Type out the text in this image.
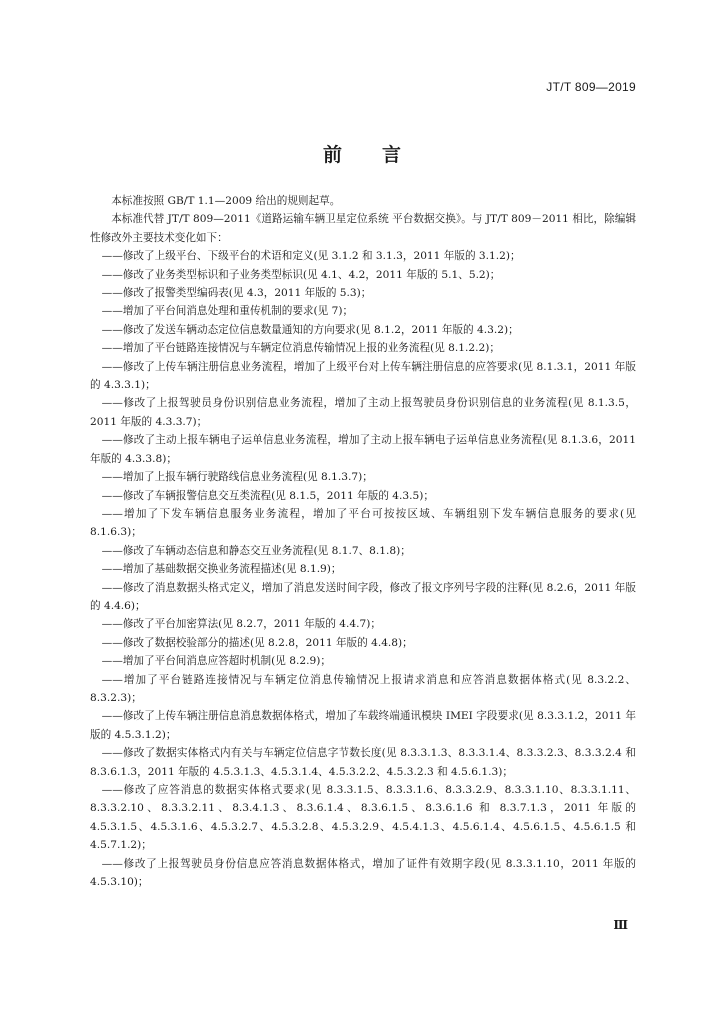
JT/T 809—2019
前言

本标准按照 GB/T 1.1—2009 给出的规则起草。

本标准代替 JT/T 809—2011《道路运输车辆卫星定位系统 平台数据交换》。与 JT/T 809－2011 相比，除编辑性修改外主要技术变化如下：

——修改了上级平台、下级平台的术语和定义(见 3.1.2 和 3.1.3，2011 年版的 3.1.2)；

——修改了业务类型标识和子业务类型标识(见 4.1、4.2，2011 年版的 5.1、5.2)；

——修改了报警类型编码表(见 4.3，2011 年版的 5.3)；

——增加了平台间消息处理和重传机制的要求(见 7)；

——修改了发送车辆动态定位信息数量通知的方向要求(见 8.1.2，2011 年版的 4.3.2)；

——增加了平台链路连接情况与车辆定位消息传输情况上报的业务流程(见 8.1.2.2)；

——修改了上传车辆注册信息业务流程，增加了上级平台对上传车辆注册信息的应答要求(见 8.1.3.1，2011 年版的 4.3.3.1)；

——修改了上报驾驶员身份识别信息业务流程，增加了主动上报驾驶员身份识别信息的业务流程(见 8.1.3.5，2011 年版的 4.3.3.7)；

——修改了主动上报车辆电子运单信息业务流程，增加了主动上报车辆电子运单信息业务流程(见 8.1.3.6，2011 年版的 4.3.3.8)；

——增加了上报车辆行驶路线信息业务流程(见 8.1.3.7)；

——修改了车辆报警信息交互类流程(见 8.1.5，2011 年版的 4.3.5)；

——增加了下发车辆信息服务业务流程，增加了平台可按按区域、车辆组别下发车辆信息服务的要求(见 8.1.6.3)；

——修改了车辆动态信息和静态交互业务流程(见 8.1.7、8.1.8)；

——增加了基础数据交换业务流程描述(见 8.1.9)；

——修改了消息数据头格式定义，增加了消息发送时间字段，修改了报文序列号字段的注释(见 8.2.6，2011 年版的 4.4.6)；

——修改了平台加密算法(见 8.2.7，2011 年版的 4.4.7)；

——修改了数据校验部分的描述(见 8.2.8，2011 年版的 4.4.8)；

——增加了平台间消息应答超时机制(见 8.2.9)；

——增加了平台链路连接情况与车辆定位消息传输情况上报请求消息和应答消息数据体格式(见 8.3.2.2、8.3.2.3)；

——修改了上传车辆注册信息消息数据体格式，增加了车载终端通讯模块 IMEI 字段要求(见 8.3.3.1.2，2011 年版的 4.5.3.1.2)；

——修改了数据实体格式内有关与车辆定位信息字节数长度(见 8.3.3.1.3、8.3.3.1.4、8.3.3.2.3、8.3.3.2.4 和 8.3.6.1.3，2011 年版的 4.5.3.1.3、4.5.3.1.4、4.5.3.2.2、4.5.3.2.3 和 4.5.6.1.3)；

——修改了应答消息的数据实体格式要求(见 8.3.3.1.5、8.3.3.1.6、8.3.3.2.9、8.3.3.1.10、8.3.3.1.11、8.3.3.2.10、8.3.3.2.11、8.3.4.1.3、8.3.6.1.4、8.3.6.1.5、8.3.6.1.6 和 8.3.7.1.3，2011 年版的 4.5.3.1.5、4.5.3.1.6、4.5.3.2.7、4.5.3.2.8、4.5.3.2.9、4.5.4.1.3、4.5.6.1.4、4.5.6.1.5、4.5.6.1.5 和 4.5.7.1.2)；

——修改了上报驾驶员身份信息应答消息数据体格式，增加了证件有效期字段(见 8.3.3.1.10，2011 年版的 4.5.3.10)；

Ⅲ
